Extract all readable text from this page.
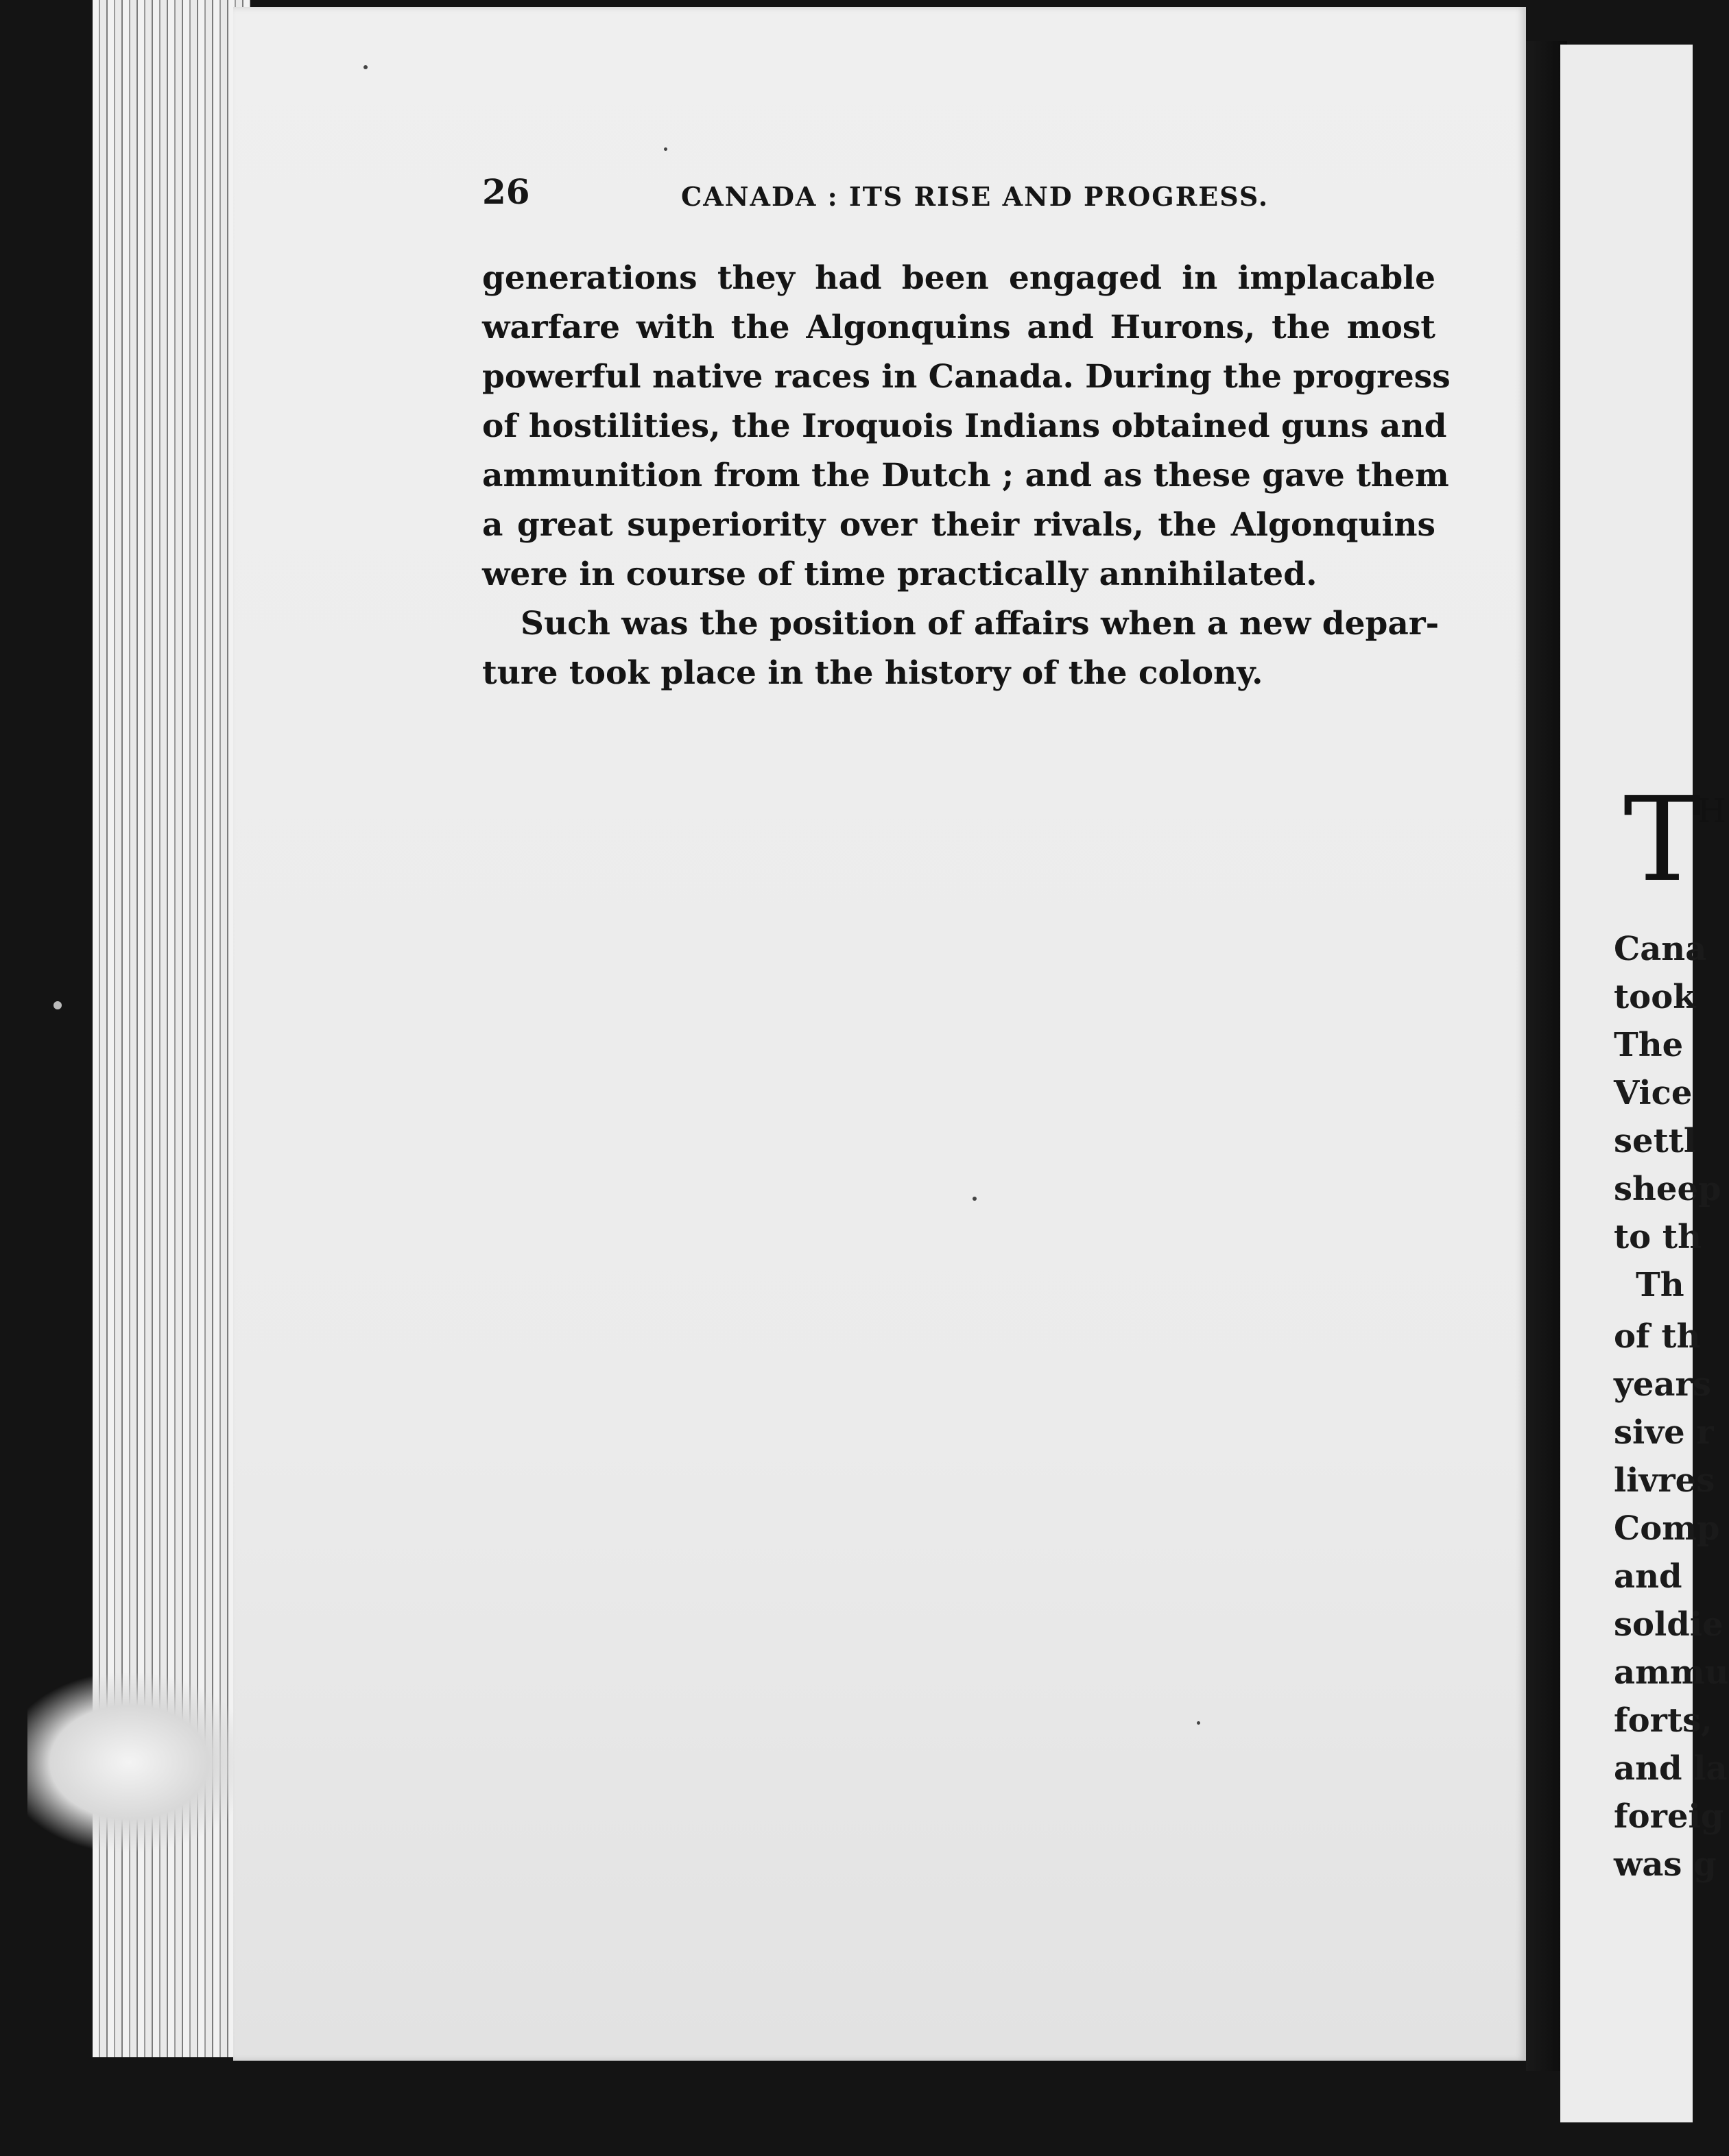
26	CANADA : ITS RISE AND PROGRESS.
generations they had been engaged in implacable
warfare with the Algonquins and Hurons, the most
powerful native races in Canada. During the progress
of hostilities, the Iroquois Indians obtained guns and
ammunition from the Dutch ; and as these gave them
a great superiority over their rivals, the Algonquins
were in course of time practically annihilated.
Such was the position of affairs when a new depar-
ture took place in the history of the colony.
T
H
Cana
took
The
Vice
settl
sheep
to th
Th
of th
years
sive r
livres
Comp
and
soldie
ammu
forts,
and la
foreig
was g
